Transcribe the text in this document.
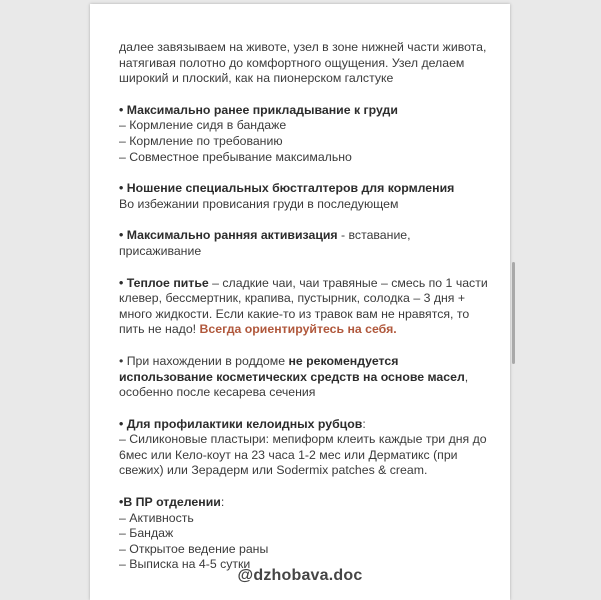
далее завязываем на животе, узел в зоне нижней части живота,
натягивая полотно до комфортного ощущения. Узел делаем
широкий и плоский, как на пионерском галстуке
• Максимально ранее прикладывание к груди
– Кормление сидя в бандаже
– Кормление по требованию
– Совместное пребывание максимально
• Ношение специальных бюстгалтеров для кормления
Во избежании провисания груди в последующем
• Максимально ранняя активизация - вставание,
присаживание
• Теплое питье – сладкие чаи, чаи травяные – смесь по 1 части
клевер, бессмертник, крапива, пустырник, солодка – 3 дня +
много жидкости. Если какие-то из травок вам не нравятся, то
пить не надо! Всегда ориентируйтесь на себя.
• При нахождении в роддоме не рекомендуется
использование косметических средств на основе масел,
особенно после кесарева сечения
• Для профилактики келоидных рубцов:
– Силиконовые пластыри: мепиформ клеить каждые три дня до
6мес или Кело-коут на 23 часа 1-2 мес или Дерматикс (при
свежих) или Зерадерм или Sodermix patches & cream.
•В ПР отделении:
– Активность
– Бандаж
– Открытое ведение раны
– Выписка на 4-5 сутки
@dzhobava.doc
